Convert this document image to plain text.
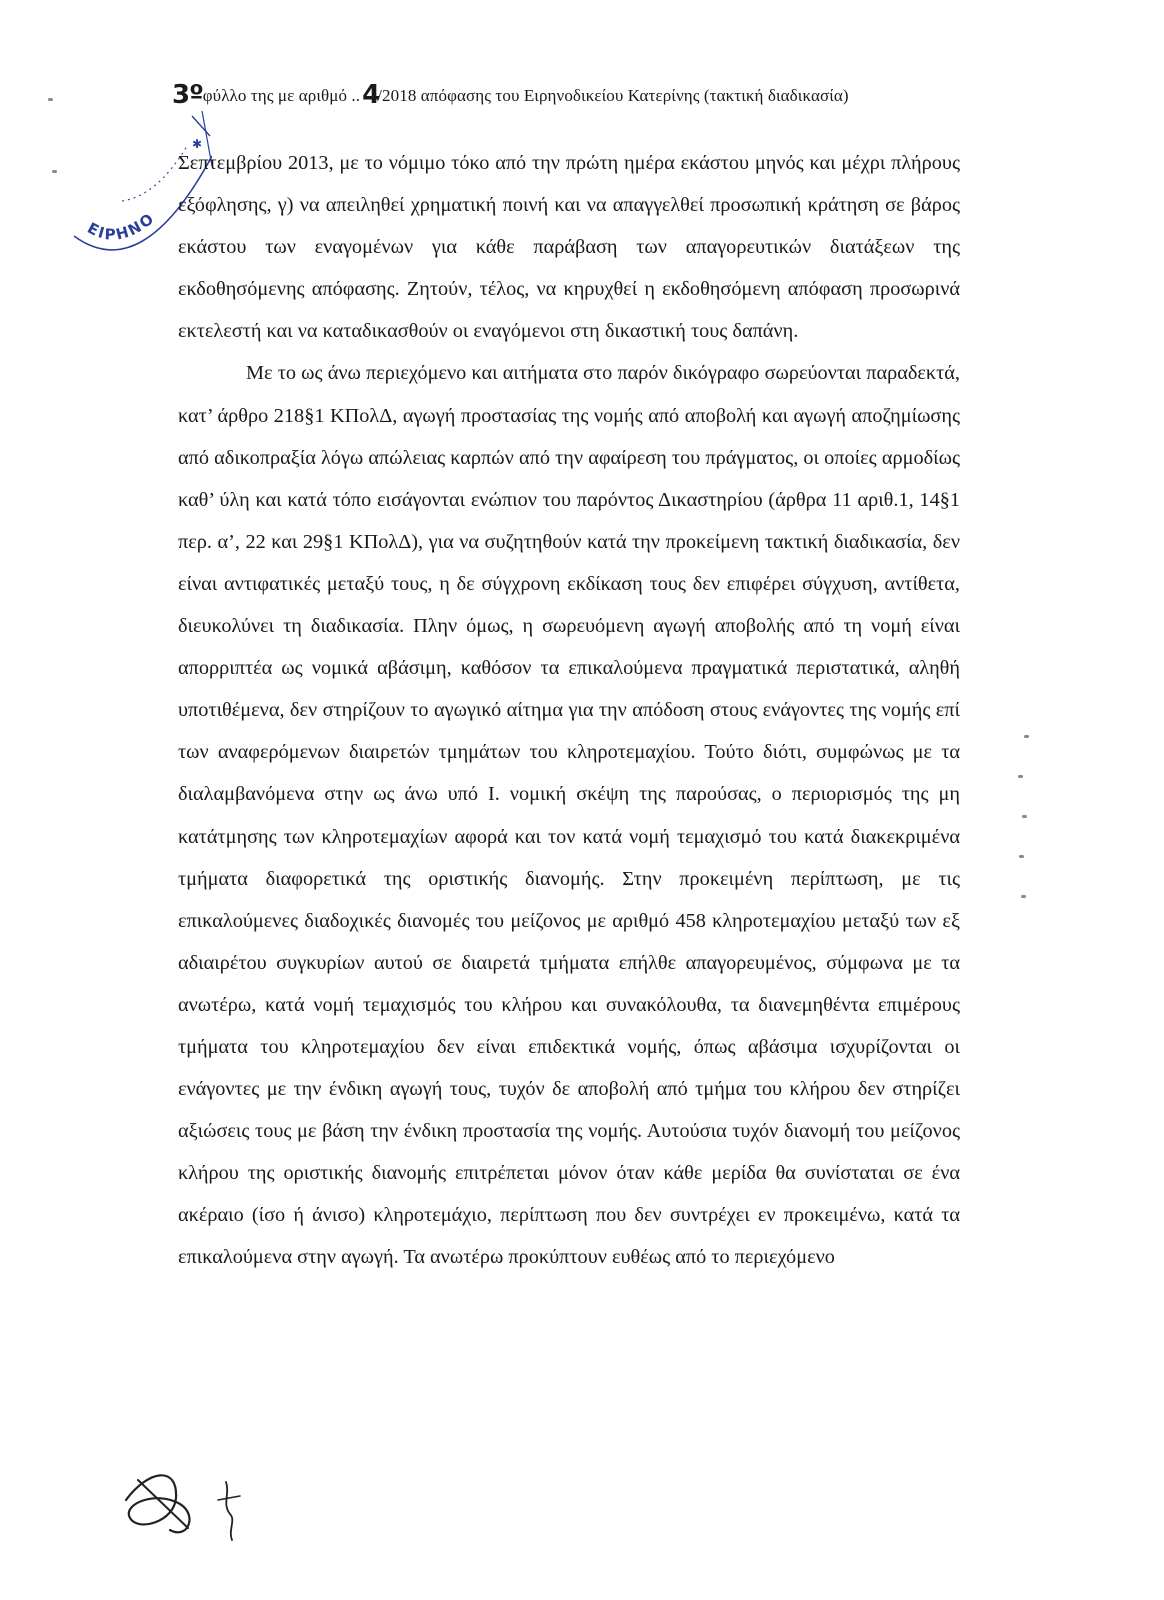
3ºφύλλο της με αριθμό ..4/2018 απόφασης του Ειρηνοδικείου Κατερίνης (τακτική διαδικασία)
ΕΙΡΗΝΟ
✱

Σεπτεμβρίου 2013, με το νόμιμο τόκο από την πρώτη ημέρα εκάστου μηνός και μέχρι πλήρους εξόφλησης, γ) να απειληθεί χρηματική ποινή και να απαγγελθεί προσωπική κράτηση σε βάρος εκάστου των εναγομένων για κάθε παράβαση των απαγορευτικών διατάξεων της εκδοθησόμενης απόφασης. Ζητούν, τέλος, να κηρυχθεί η εκδοθησόμενη απόφαση προσωρινά εκτελεστή και να καταδικασθούν οι εναγόμενοι στη δικαστική τους δαπάνη.

Με το ως άνω περιεχόμενο και αιτήματα στο παρόν δικόγραφο σωρεύονται παραδεκτά, κατ’ άρθρο 218§1 ΚΠολΔ, αγωγή προστασίας της νομής από αποβολή και αγωγή αποζημίωσης από αδικοπραξία λόγω απώλειας καρπών από την αφαίρεση του πράγματος, οι οποίες αρμοδίως καθ’ ύλη και κατά τόπο εισάγονται ενώπιον του παρόντος Δικαστηρίου (άρθρα 11 αριθ.1, 14§1 περ. α’, 22 και 29§1 ΚΠολΔ), για να συζητηθούν κατά την προκείμενη τακτική διαδικασία, δεν είναι αντιφατικές μεταξύ τους, η δε σύγχρονη εκδίκαση τους δεν επιφέρει σύγχυση, αντίθετα, διευκολύνει τη διαδικασία. Πλην όμως, η σωρευόμενη αγωγή αποβολής από τη νομή είναι απορριπτέα ως νομικά αβάσιμη, καθόσον τα επικαλούμενα πραγματικά περιστατικά, αληθή υποτιθέμενα, δεν στηρίζουν το αγωγικό αίτημα για την απόδοση στους ενάγοντες της νομής επί των αναφερόμενων διαιρετών τμημάτων του κληροτεμαχίου. Τούτο διότι, συμφώνως με τα διαλαμβανόμενα στην ως άνω υπό Ι. νομική σκέψη της παρούσας, ο περιορισμός της μη κατάτμησης των κληροτεμαχίων αφορά και τον κατά νομή τεμαχισμό του κατά διακεκριμένα τμήματα διαφορετικά της οριστικής διανομής. Στην προκειμένη περίπτωση, με τις επικαλούμενες διαδοχικές διανομές του μείζονος με αριθμό 458 κληροτεμαχίου μεταξύ των εξ αδιαιρέτου συγκυρίων αυτού σε διαιρετά τμήματα επήλθε απαγορευμένος, σύμφωνα με τα ανωτέρω, κατά νομή τεμαχισμός του κλήρου και συνακόλουθα, τα διανεμηθέντα επιμέρους τμήματα του κληροτεμαχίου δεν είναι επιδεκτικά νομής, όπως αβάσιμα ισχυρίζονται οι ενάγοντες με την ένδικη αγωγή τους, τυχόν δε αποβολή από τμήμα του κλήρου δεν στηρίζει αξιώσεις τους με βάση την ένδικη προστασία της νομής. Αυτούσια τυχόν διανομή του μείζονος κλήρου της οριστικής διανομής επιτρέπεται μόνον όταν κάθε μερίδα θα συνίσταται σε ένα ακέραιο (ίσο ή άνισο) κληροτεμάχιο, περίπτωση που δεν συντρέχει εν προκειμένω, κατά τα επικαλούμενα στην αγωγή. Τα ανωτέρω προκύπτουν ευθέως από το περιεχόμενο
